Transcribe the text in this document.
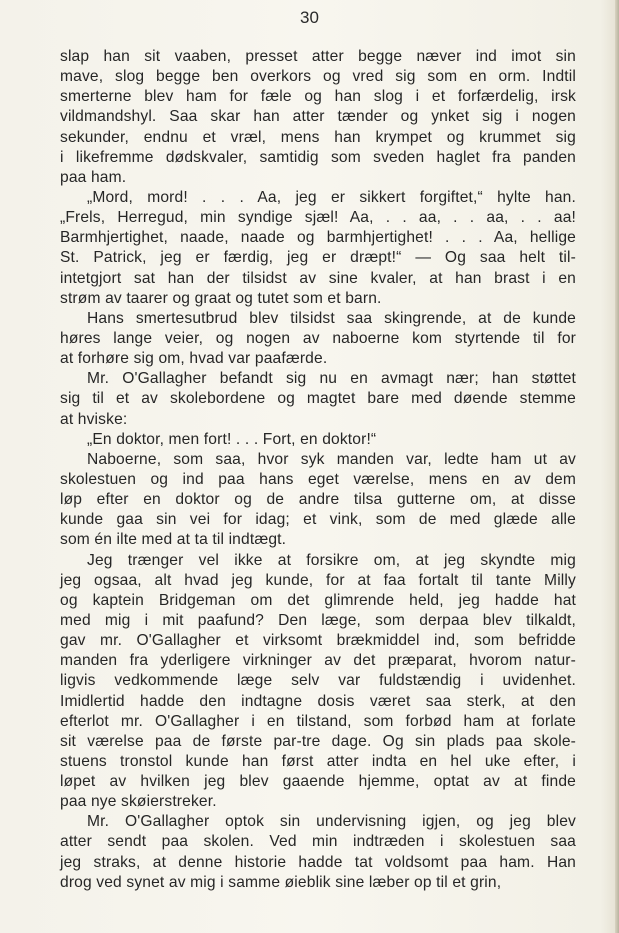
30
slap han sit vaaben, presset atter begge næver ind imot sin
mave, slog begge ben overkors og vred sig som en orm. Indtil
smerterne blev ham for fæle og han slog i et forfærdelig, irsk
vildmandshyl. Saa skar han atter tænder og ynket sig i nogen
sekunder, endnu et vræl, mens han krympet og krummet sig
i likefremme dødskvaler, samtidig som sveden haglet fra panden
paa ham.
„Mord, mord! . . . Aa, jeg er sikkert forgiftet,“ hylte han.
„Frels, Herregud, min syndige sjæl! Aa, . . aa, . . aa, . . aa!
Barmhjertighet, naade, naade og barmhjertighet! . . . Aa, hellige
St. Patrick, jeg er færdig, jeg er dræpt!“ — Og saa helt til-
intetgjort sat han der tilsidst av sine kvaler, at han brast i en
strøm av taarer og graat og tutet som et barn.
Hans smertesutbrud blev tilsidst saa skingrende, at de kunde
høres lange veier, og nogen av naboerne kom styrtende til for
at forhøre sig om, hvad var paafærde.
Mr. O'Gallagher befandt sig nu en avmagt nær; han støttet
sig til et av skolebordene og magtet bare med døende stemme
at hviske:
„En doktor, men fort! . . . Fort, en doktor!“
Naboerne, som saa, hvor syk manden var, ledte ham ut av
skolestuen og ind paa hans eget værelse, mens en av dem
løp efter en doktor og de andre tilsa gutterne om, at disse
kunde gaa sin vei for idag; et vink, som de med glæde alle
som én ilte med at ta til indtægt.
Jeg trænger vel ikke at forsikre om, at jeg skyndte mig
jeg ogsaa, alt hvad jeg kunde, for at faa fortalt til tante Milly
og kaptein Bridgeman om det glimrende held, jeg hadde hat
med mig i mit paafund? Den læge, som derpaa blev tilkaldt,
gav mr. O'Gallagher et virksomt brækmiddel ind, som befridde
manden fra yderligere virkninger av det præparat, hvorom natur-
ligvis vedkommende læge selv var fuldstændig i uvidenhet.
Imidlertid hadde den indtagne dosis været saa sterk, at den
efterlot mr. O'Gallagher i en tilstand, som forbød ham at forlate
sit værelse paa de første par-tre dage. Og sin plads paa skole-
stuens tronstol kunde han først atter indta en hel uke efter, i
løpet av hvilken jeg blev gaaende hjemme, optat av at finde
paa nye skøierstreker.
Mr. O'Gallagher optok sin undervisning igjen, og jeg blev
atter sendt paa skolen. Ved min indtræden i skolestuen saa
jeg straks, at denne historie hadde tat voldsomt paa ham. Han
drog ved synet av mig i samme øieblik sine læber op til et grin,
